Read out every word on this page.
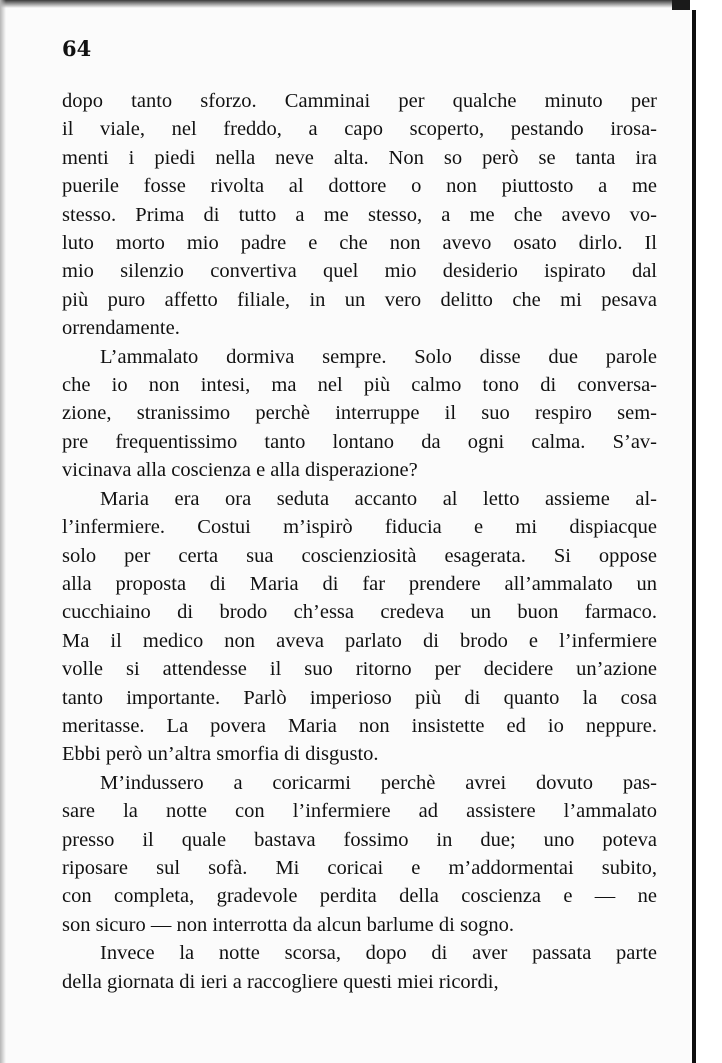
64
dopo tanto sforzo. Camminai per qualche minuto per
il viale, nel freddo, a capo scoperto, pestando irosa-
menti i piedi nella neve alta. Non so però se tanta ira
puerile fosse rivolta al dottore o non piuttosto a me
stesso. Prima di tutto a me stesso, a me che avevo vo-
luto morto mio padre e che non avevo osato dirlo. Il
mio silenzio convertiva quel mio desiderio ispirato dal
più puro affetto filiale, in un vero delitto che mi pesava
orrendamente.
L’ammalato dormiva sempre. Solo disse due parole
che io non intesi, ma nel più calmo tono di conversa-
zione, stranissimo perchè interruppe il suo respiro sem-
pre frequentissimo tanto lontano da ogni calma. S’av-
vicinava alla coscienza e alla disperazione?
Maria era ora seduta accanto al letto assieme al-
l’infermiere. Costui m’ispirò fiducia e mi dispiacque
solo per certa sua coscienziosità esagerata. Si oppose
alla proposta di Maria di far prendere all’ammalato un
cucchiaino di brodo ch’essa credeva un buon farmaco.
Ma il medico non aveva parlato di brodo e l’infermiere
volle si attendesse il suo ritorno per decidere un’azione
tanto importante. Parlò imperioso più di quanto la cosa
meritasse. La povera Maria non insistette ed io neppure.
Ebbi però un’altra smorfia di disgusto.
M’indussero a coricarmi perchè avrei dovuto pas-
sare la notte con l’infermiere ad assistere l’ammalato
presso il quale bastava fossimo in due; uno poteva
riposare sul sofà. Mi coricai e m’addormentai subito,
con completa, gradevole perdita della coscienza e — ne
son sicuro — non interrotta da alcun barlume di sogno.
Invece la notte scorsa, dopo di aver passata parte
della giornata di ieri a raccogliere questi miei ricordi,
